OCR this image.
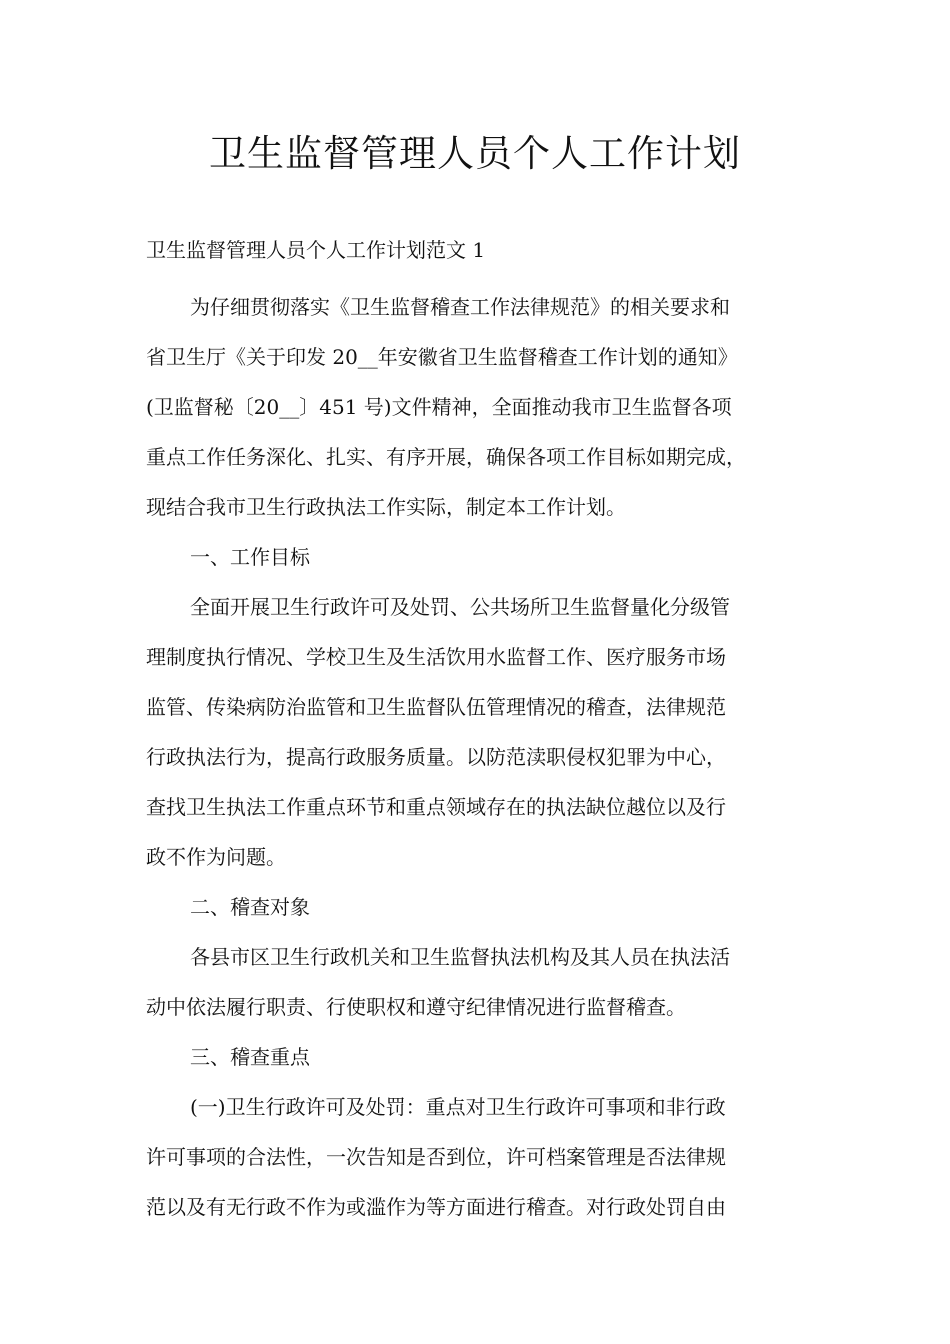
卫生监督管理人员个人工作计划

卫生监督管理人员个人工作计划范文 1

为仔细贯彻落实《卫生监督稽查工作法律规范》的相关要求和

省卫生厅《关于印发 20__年安徽省卫生监督稽查工作计划的通知》

(卫监督秘〔20__〕451 号)文件精神，全面推动我市卫生监督各项

重点工作任务深化、扎实、有序开展，确保各项工作目标如期完成，

现结合我市卫生行政执法工作实际，制定本工作计划。

一、工作目标

全面开展卫生行政许可及处罚、公共场所卫生监督量化分级管

理制度执行情况、学校卫生及生活饮用水监督工作、医疗服务市场

监管、传染病防治监管和卫生监督队伍管理情况的稽查，法律规范

行政执法行为，提高行政服务质量。以防范渎职侵权犯罪为中心，

查找卫生执法工作重点环节和重点领域存在的执法缺位越位以及行

政不作为问题。

二、稽查对象

各县市区卫生行政机关和卫生监督执法机构及其人员在执法活

动中依法履行职责、行使职权和遵守纪律情况进行监督稽查。

三、稽查重点

(一)卫生行政许可及处罚：重点对卫生行政许可事项和非行政

许可事项的合法性，一次告知是否到位，许可档案管理是否法律规

范以及有无行政不作为或滥作为等方面进行稽查。对行政处罚自由
